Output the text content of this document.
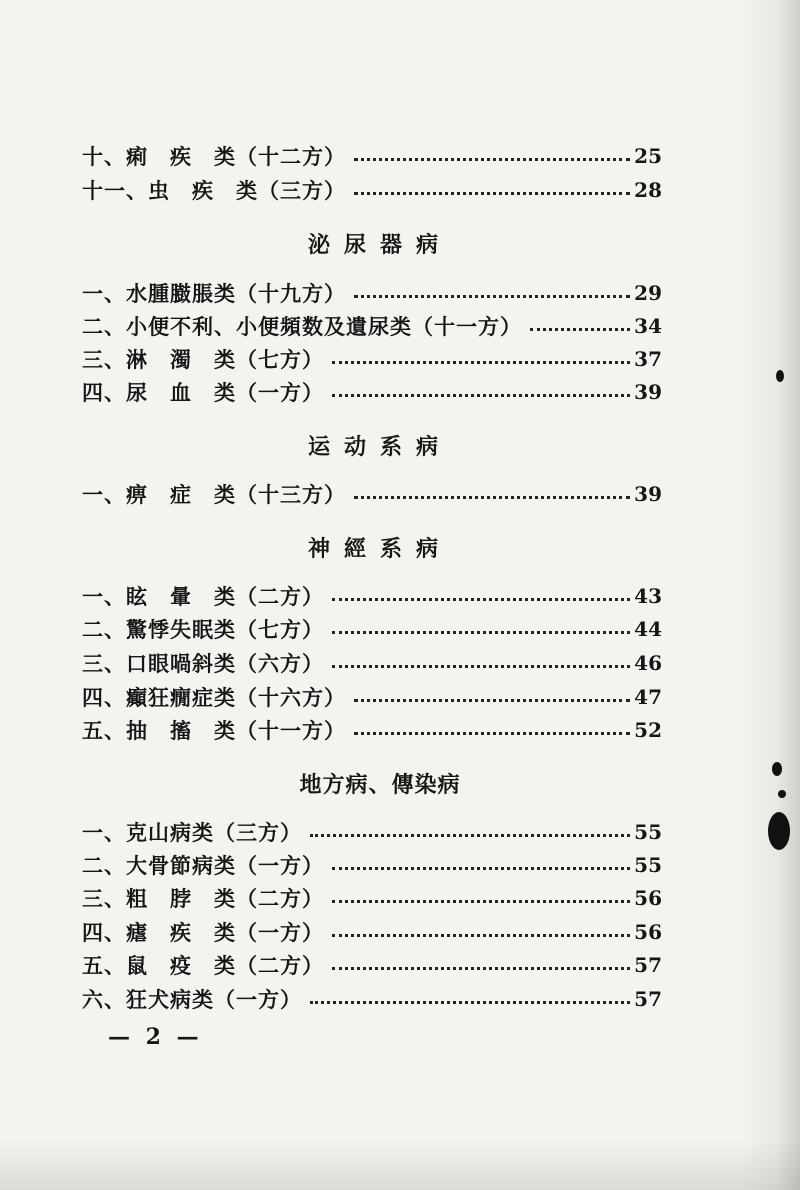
十、痢　疾　类（十二方）	25
十一、虫　疾　类（三方）	28
泌尿器病
一、水腫臌脹类（十九方）	29
二、小便不利、小便頻数及遺尿类（十一方）	34
三、淋　濁　类（七方）	37
四、尿　血　类（一方）	39
运动系病
一、痹　症　类（十三方）	39
神經系病
一、眩　暈　类（二方）	43
二、驚悸失眠类（七方）	44
三、口眼喎斜类（六方）	46
四、癲狂癇症类（十六方）	47
五、抽　搐　类（十一方）	52
地方病、傳染病
一、克山病类（三方）	55
二、大骨節病类（一方）	55
三、粗　脖　类（二方）	56
四、瘧　疾　类（一方）	56
五、鼠　疫　类（二方）	57
六、狂犬病类（一方）	57
— 2 —
